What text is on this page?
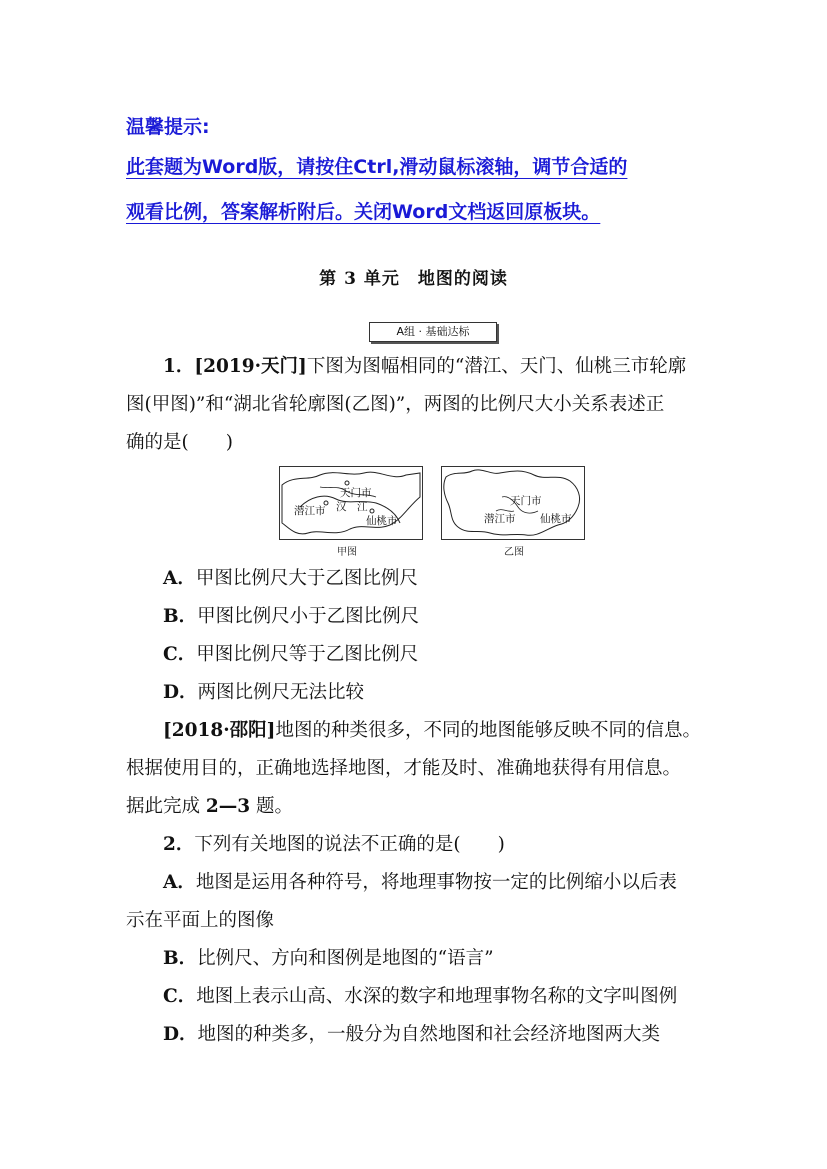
温馨提示:
此套题为Word版，请按住Ctrl,滑动鼠标滚轴，调节合适的
观看比例，答案解析附后。关闭Word文档返回原板块。
第 3 单元　地图的阅读
A组 · 基础达标
1．[2019·天门]下图为图幅相同的“潜江、天门、仙桃三市轮廓
图(甲图)”和“湖北省轮廓图(乙图)”，两图的比例尺大小关系表述正
确的是(　　)
天门市
潜江市 汉　江
仙桃市
甲图
天门市
潜江市 仙桃市
乙图
A．甲图比例尺大于乙图比例尺
B．甲图比例尺小于乙图比例尺
C．甲图比例尺等于乙图比例尺
D．两图比例尺无法比较
[2018·邵阳]地图的种类很多，不同的地图能够反映不同的信息。
根据使用目的，正确地选择地图，才能及时、准确地获得有用信息。
据此完成 2—3 题。
2．下列有关地图的说法不正确的是(　　)
A．地图是运用各种符号，将地理事物按一定的比例缩小以后表
示在平面上的图像
B．比例尺、方向和图例是地图的“语言”
C．地图上表示山高、水深的数字和地理事物名称的文字叫图例
D．地图的种类多，一般分为自然地图和社会经济地图两大类
